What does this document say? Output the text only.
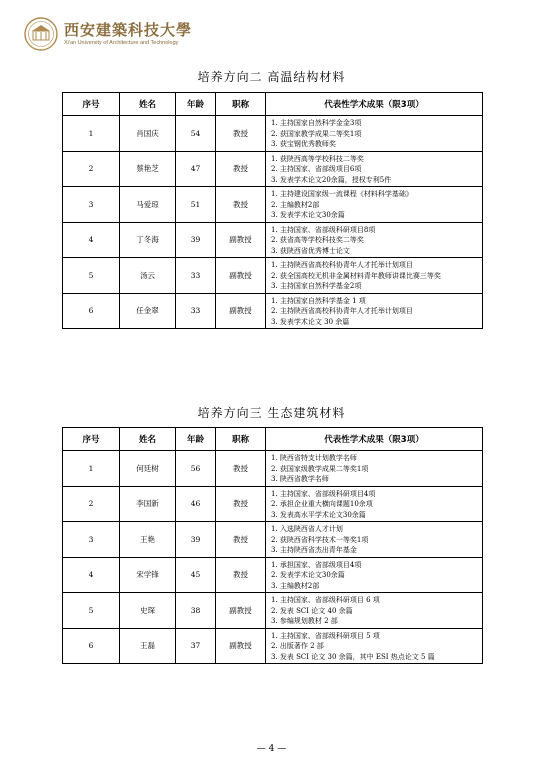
西安建築科技大學
Xi'an University of Architecture and Technology
培养方向二 高温结构材料
序号	姓名	年龄	职称	代表性学术成果（限3项）
1	肖国庆	54	教授	1. 主持国家自然科学金金3项
2. 获国家教学成果二等奖1项
3. 获宝钢优秀教师奖

2	蔡艳芝	47	教授	1. 获陕西高等学校科技二等奖
2. 主持国家、省部级项目6项
3. 发表学术论文20余篇，授权专利5件

3	马爱琼	51	教授	1. 主持建设国家级一流课程《材料科学基础》
2. 主编教材2部
3. 发表学术论文30余篇

4	丁冬海	39	副教授	1. 主持国家、省部级科研项目8项
2. 获省高等学校科技奖二等奖
3. 获陕西省优秀博士论文

5	汤云	33	副教授	1. 主持陕西省高校科协青年人才托举计划项目
2. 获全国高校无机非金属材料青年教师讲课比赛三等奖
3. 主持国家自然科学基金2项

6	任金翠	33	副教授	1. 主持国家自然科学基金 1 项
2. 主持陕西省高校科协青年人才托举计划项目
3. 发表学术论文 30 余篇
培养方向三 生态建筑材料
序号	姓名	年龄	职称	代表性学术成果（限3项）
1	何廷树	56	教授	1. 陕西省特支计划教学名师
2. 获国家级教学成果二等奖1项
3. 陕西省教学名师

2	李国新	46	教授	1. 主持国家、省部级科研项目4项
2. 承担企业重大横向课题10余项
3. 发表高水平学术论文30余篇

3	王艳	39	教授	1. 入选陕西省人才计划
2. 获陕西省科学技术一等奖1项
3. 主持陕西省杰出青年基金

4	宋学锋	45	教授	1. 承担国家、省部级项目4项
2. 发表学术论文30余篇
3. 主编教材2部

5	史琛	38	副教授	1. 主持国家、省部级科研项目 6 项
2. 发表 SCI 论文 40 余篇
3. 参编规划教材 2 部

6	王磊	37	副教授	1. 主持国家、省部级科研项目 5 项
2. 出版著作 2 部
3. 发表 SCI 论文 30 余篇，其中 ESI 热点论文 5 篇
— 4 —
